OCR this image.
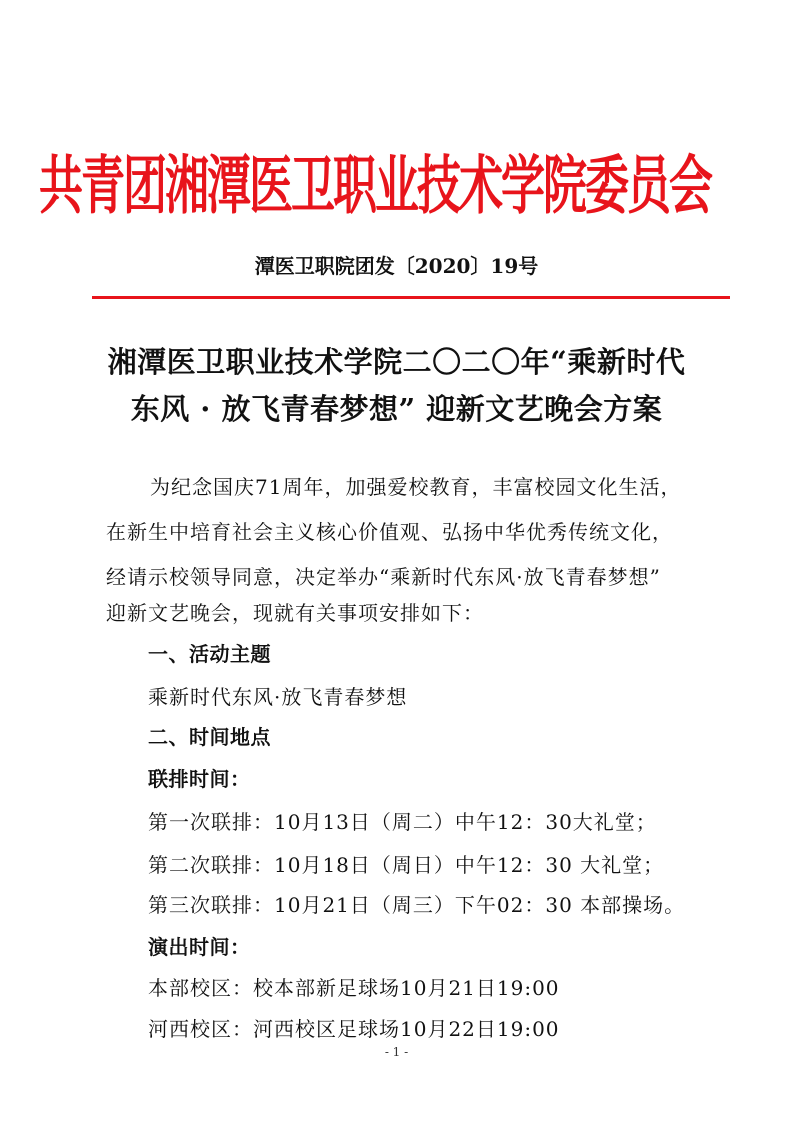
共青团湘潭医卫职业技术学院委员会
潭医卫职院团发〔2020〕19号
湘潭医卫职业技术学院二〇二〇年“乘新时代
东风 · 放飞青春梦想” 迎新文艺晚会方案
为纪念国庆71周年，加强爱校教育，丰富校园文化生活，
在新生中培育社会主义核心价值观、弘扬中华优秀传统文化，
经请示校领导同意，决定举办“乘新时代东风·放飞青春梦想”
迎新文艺晚会，现就有关事项安排如下：
一、活动主题
乘新时代东风·放飞青春梦想
二、时间地点
联排时间：
第一次联排：10月13日（周二）中午12：30大礼堂；
第二次联排：10月18日（周日）中午12：30 大礼堂；
第三次联排：10月21日（周三）下午02：30 本部操场。
演出时间：
本部校区：校本部新足球场10月21日19:00
河西校区：河西校区足球场10月22日19:00
- 1 -
